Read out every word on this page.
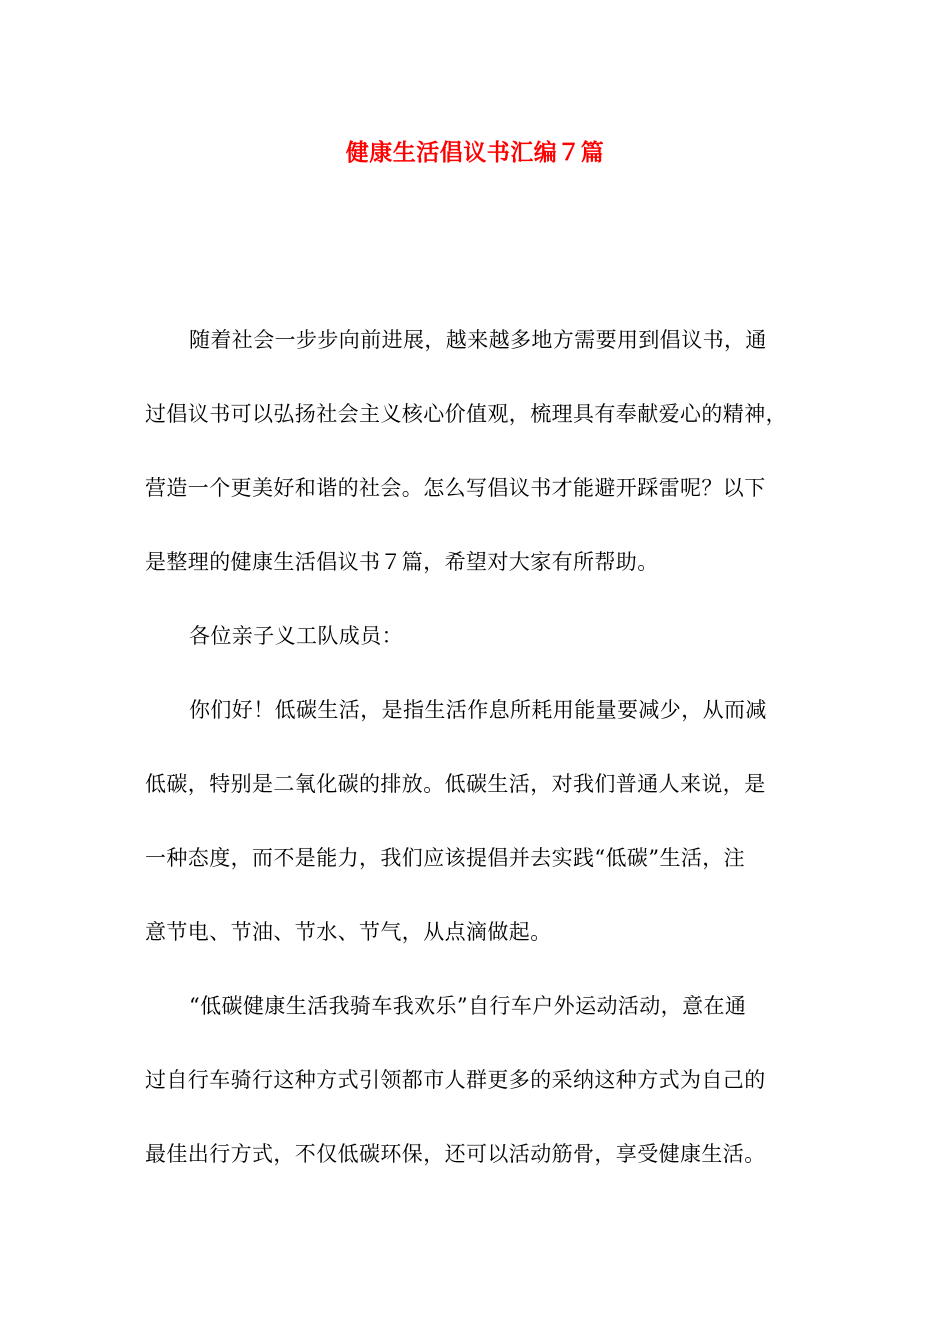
健康生活倡议书汇编７篇
随着社会一步步向前进展，越来越多地方需要用到倡议书，通
过倡议书可以弘扬社会主义核心价值观，梳理具有奉献爱心的精神，
营造一个更美好和谐的社会。怎么写倡议书才能避开踩雷呢？以下
是整理的健康生活倡议书７篇，希望对大家有所帮助。
各位亲子义工队成员：
你们好！低碳生活，是指生活作息所耗用能量要减少，从而减
低碳，特别是二氧化碳的排放。低碳生活，对我们普通人来说，是
一种态度，而不是能力，我们应该提倡并去实践“低碳”生活，注
意节电、节油、节水、节气，从点滴做起。
“低碳健康生活我骑车我欢乐”自行车户外运动活动，意在通
过自行车骑行这种方式引领都市人群更多的采纳这种方式为自己的
最佳出行方式，不仅低碳环保，还可以活动筋骨，享受健康生活。
